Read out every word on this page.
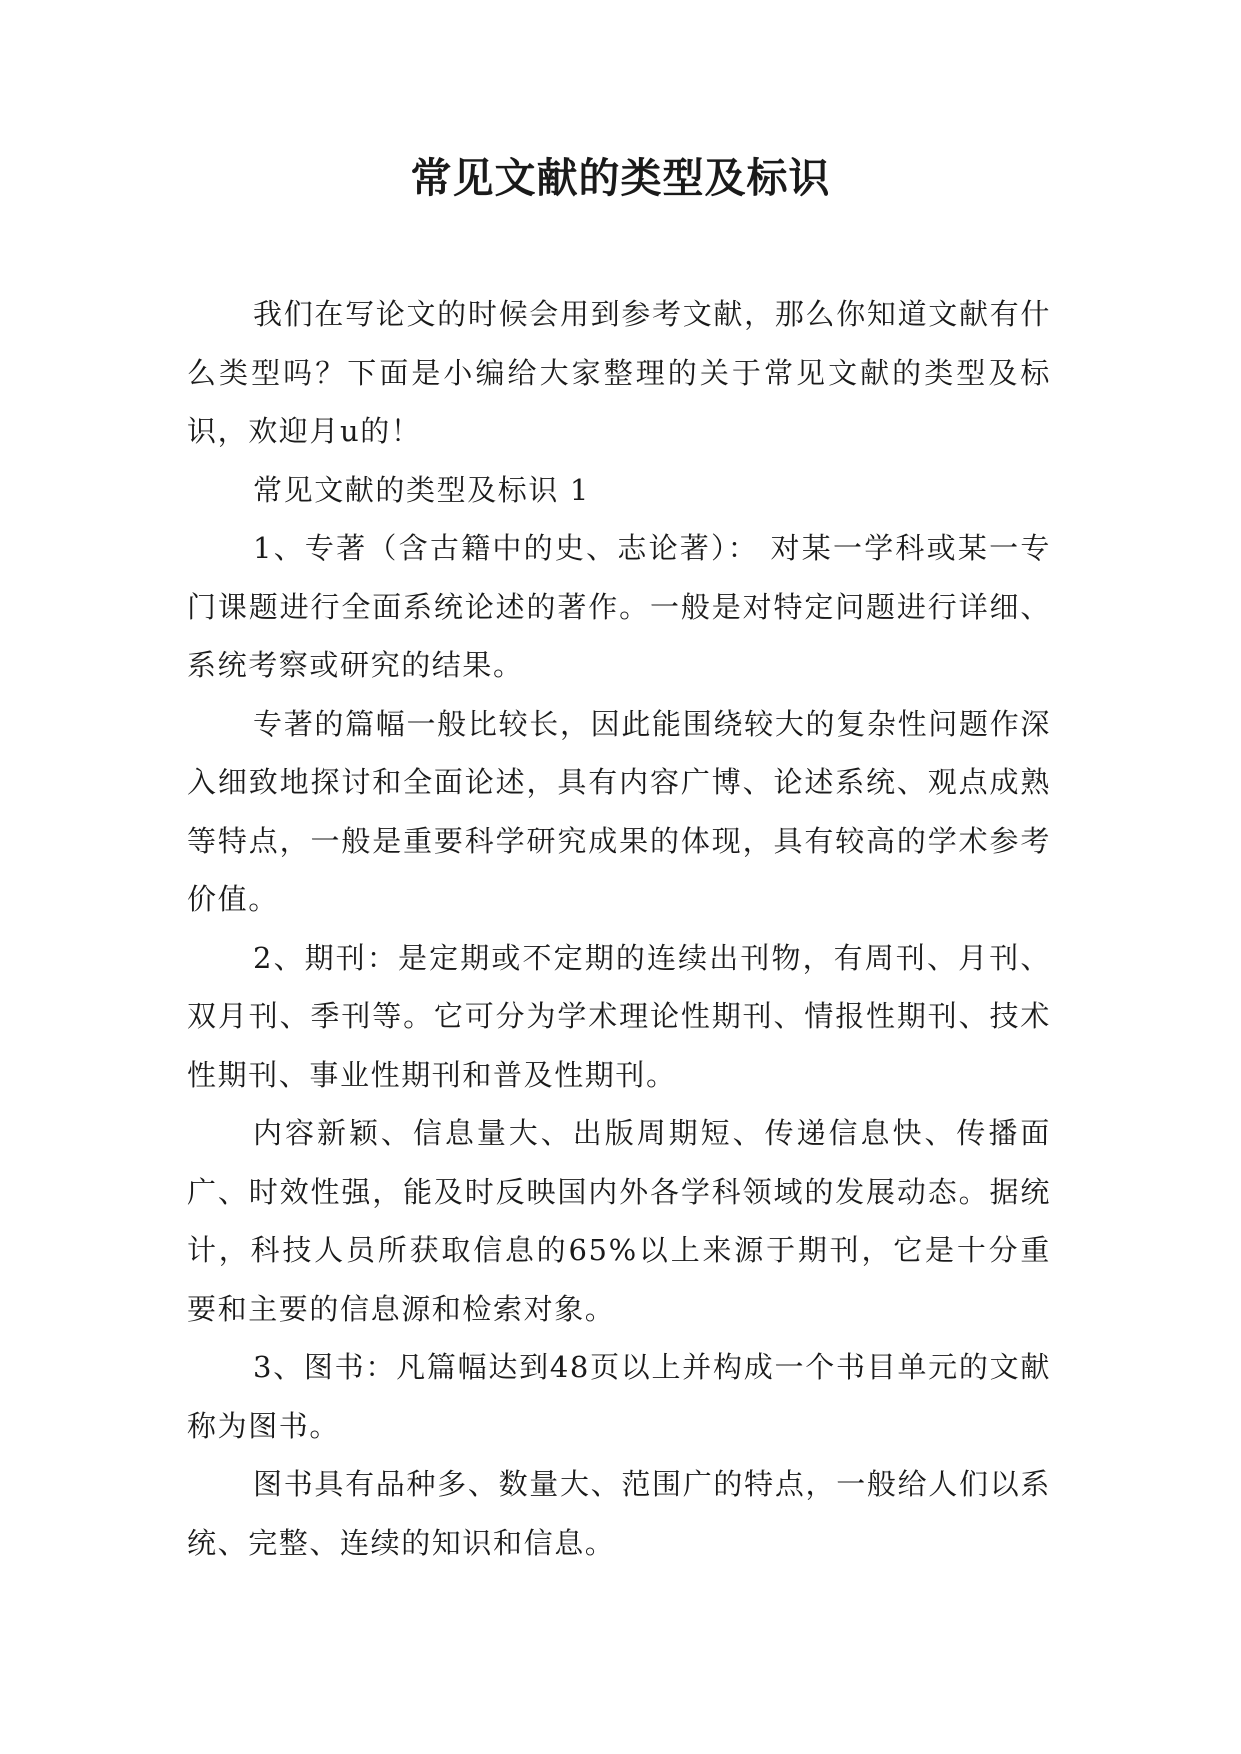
常见文献的类型及标识

我们在写论文的时候会用到参考文献，那么你知道文献有什么类型吗？下面是小编给大家整理的关于常见文献的类型及标识，欢迎月u的！

常见文献的类型及标识 1

1、专著（含古籍中的史、志论著）： 对某一学科或某一专门课题进行全面系统论述的著作。一般是对特定问题进行详细、系统考察或研究的结果。

专著的篇幅一般比较长，因此能围绕较大的复杂性问题作深入细致地探讨和全面论述，具有内容广博、论述系统、观点成熟等特点，一般是重要科学研究成果的体现，具有较高的学术参考价值。

2、期刊：是定期或不定期的连续出刊物，有周刊、月刊、双月刊、季刊等。它可分为学术理论性期刊、情报性期刊、技术性期刊、事业性期刊和普及性期刊。

内容新颖、信息量大、出版周期短、传递信息快、传播面广、时效性强，能及时反映国内外各学科领域的发展动态。据统计，科技人员所获取信息的65%以上来源于期刊，它是十分重要和主要的信息源和检索对象。

3、图书：凡篇幅达到48页以上并构成一个书目单元的文献称为图书。

图书具有品种多、数量大、范围广的特点，一般给人们以系统、完整、连续的知识和信息。
